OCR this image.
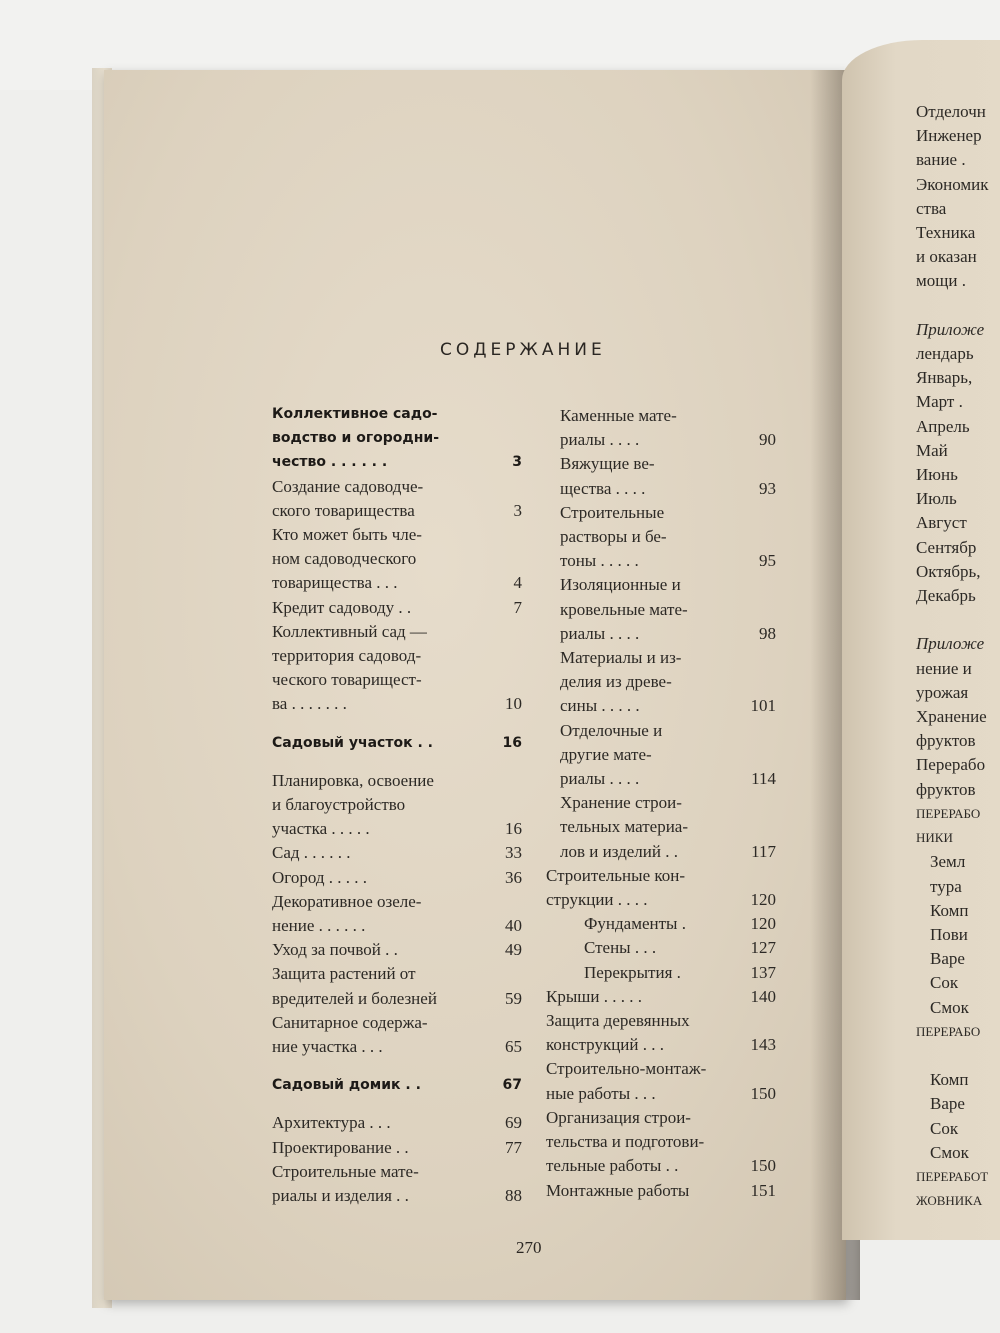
СОДЕРЖАНИЕ
Коллективное садо-
водство и огородни-
чество . . . . . .	3
Создание садоводче-
ского товарищества	3
Кто может быть чле-
ном садоводческого
товарищества . . .	4
Кредит садоводу . .	7
Коллективный сад —
территория садовод-
ческого товарищест-
ва . . . . . . .	10
Садовый участок . .	16
Планировка, освоение
и благоустройство
участка . . . . .	16
Сад . . . . . .	33
Огород . . . . .	36
Декоративное озеле-
нение . . . . . .	40
Уход за почвой . .	49
Защита растений от
вредителей и болезней	59
Санитарное содержа-
ние участка . . .	65
Садовый домик . .	67
Архитектура . . .	69
Проектирование . .	77
Строительные мате-
риалы и изделия . .	88
Каменные мате-
риалы . . . .	90
Вяжущие ве-
щества . . . .	93
Строительные
растворы и бе-
тоны . . . . .	95
Изоляционные и
кровельные мате-
риалы . . . .	98
Материалы и из-
делия из древе-
сины . . . . .	101
Отделочные и
другие мате-
риалы . . . .	114
Хранение строи-
тельных материа-
лов и изделий . .	117
Строительные кон-
струкции . . . .	120
Фундаменты .	120
Стены . . .	127
Перекрытия .	137
Крыши . . . . .	140
Защита деревянных
конструкций . . .	143
Строительно-монтаж-
ные работы . . .	150
Организация строи-
тельства и подготови-
тельные работы . .	150
Монтажные работы	151
Отделочн
Инженер
вание .
Экономик
ства
Техника
и оказан
мощи .

Приложе
лендарь
Январь,
Март .
Апрель
Май
Июнь
Июль
Август
Сентябр
Октябрь,
Декабрь

Приложе
нение и
урожая
Хранение
фруктов
Перерабо
фруктов
ПЕРЕРАБО
НИКИ
Земл
тура
Комп
Пови
Варе
Сок
Смок
ПЕРЕРАБО

Комп
Варе
Сок
Смок
ПЕРЕРАБОТ
ЖОВНИКА
270
